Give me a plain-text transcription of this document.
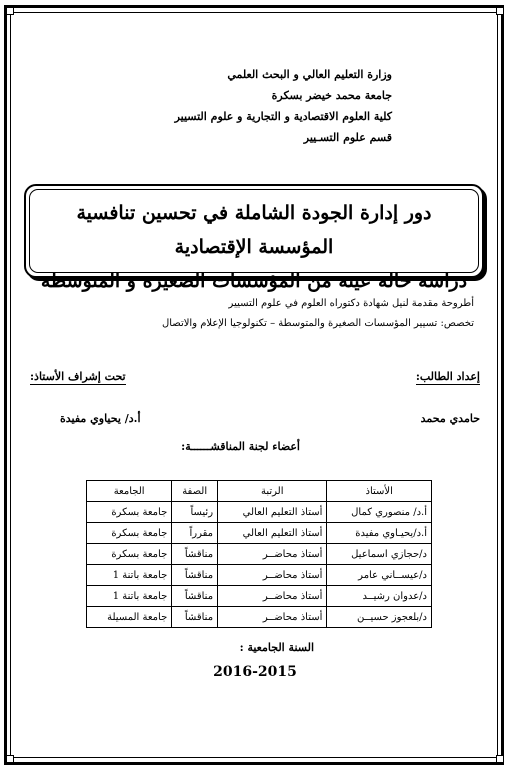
وزارة التعليم العالي و البحث العلمي
جامعة محمد خيضر بسكرة
كلية العلوم الاقتصادية و التجارية و علوم التسيير
قسم علوم التسـيير
دور إدارة الجودة الشاملة في تحسين تنافسية المؤسسة الإقتصادية
دراسة حالة عينة من المؤسسات الصغيرة و المتوسطة
أطروحة مقدمة لنيل شهادة دكتوراه العلوم في علوم التسيير
تخصص: تسيير المؤسسات الصغيرة والمتوسطة – تكنولوجيا الإعلام والاتصال
إعداد الطالب:
تحت إشراف الأستاذ:
حامدي محمد
أ.د/ يحياوي مفيدة
أعضاء لجنة المناقشــــــة:
الأستاذ	الرتبة	الصفة	الجامعة
أ.د/ منصوري كمال	أستاذ التعليم العالي	رئيساً	جامعة بسكرة
أ.د/يحيـاوي مفيدة	أستاذ التعليم العالي	مقرراً	جامعة بسكرة
د/حجازي اسماعيل	أستاذ محاضــر	مناقشاً	جامعة بسكرة
د/عيســاني عامر	أستاذ محاضــر	مناقشاً	جامعة باتنة 1
د/عدوان رشيــد	أستاذ محاضــر	مناقشاً	جامعة باتنة 1
د/بلعجوز حسيــن	أستاذ محاضــر	مناقشاً	جامعة المسيلة
السنة الجامعية :
2016-2015
